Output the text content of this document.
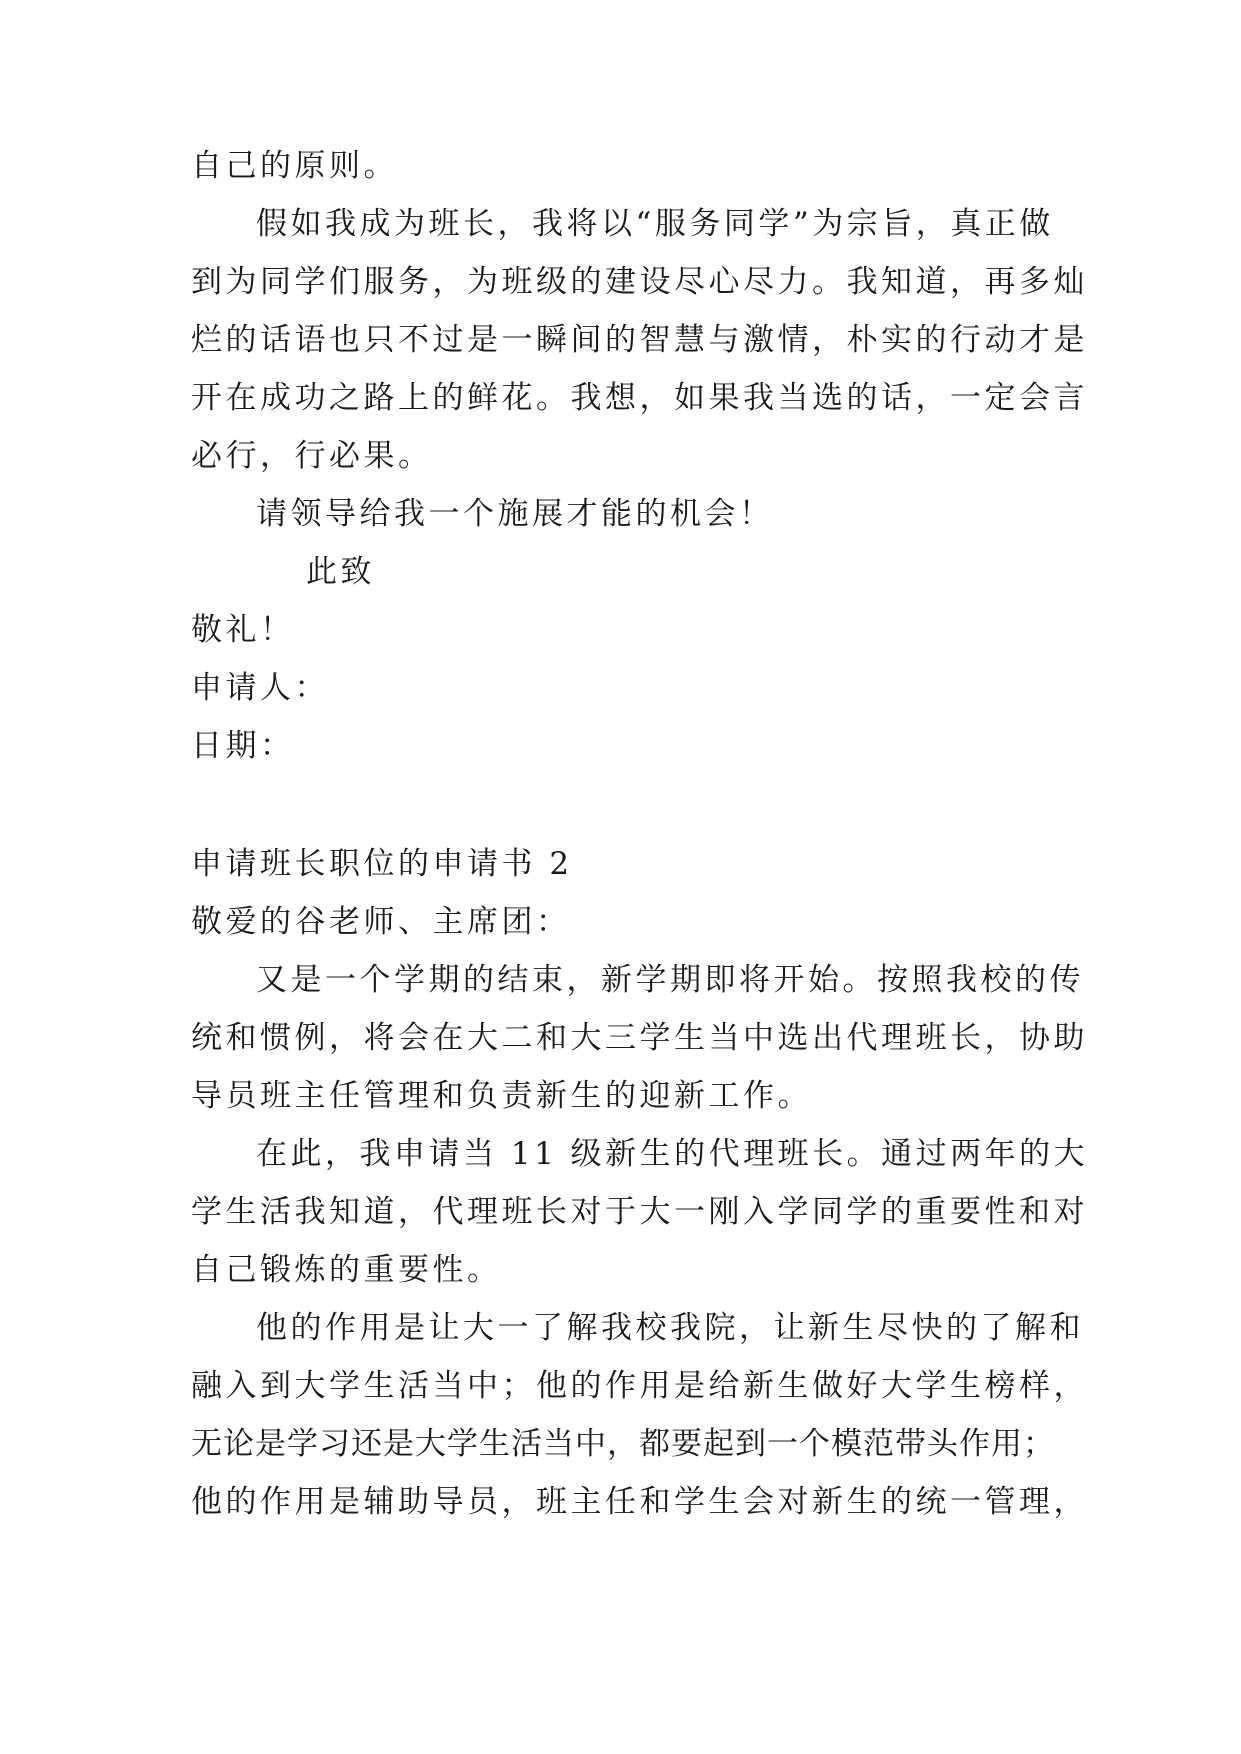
自己的原则。

假如我成为班长，我将以“服务同学”为宗旨，真正做

到为同学们服务，为班级的建设尽心尽力。我知道，再多灿

烂的话语也只不过是一瞬间的智慧与激情，朴实的行动才是

开在成功之路上的鲜花。我想，如果我当选的话，一定会言

必行，行必果。

请领导给我一个施展才能的机会！

此致

敬礼！

申请人：

日期：

申请班长职位的申请书 2

敬爱的谷老师、主席团：

又是一个学期的结束，新学期即将开始。按照我校的传

统和惯例，将会在大二和大三学生当中选出代理班长，协助

导员班主任管理和负责新生的迎新工作。

在此，我申请当 11 级新生的代理班长。通过两年的大

学生活我知道，代理班长对于大一刚入学同学的重要性和对

自己锻炼的重要性。

他的作用是让大一了解我校我院，让新生尽快的了解和

融入到大学生活当中；他的作用是给新生做好大学生榜样，

无论是学习还是大学生活当中，都要起到一个模范带头作用；

他的作用是辅助导员，班主任和学生会对新生的统一管理，
